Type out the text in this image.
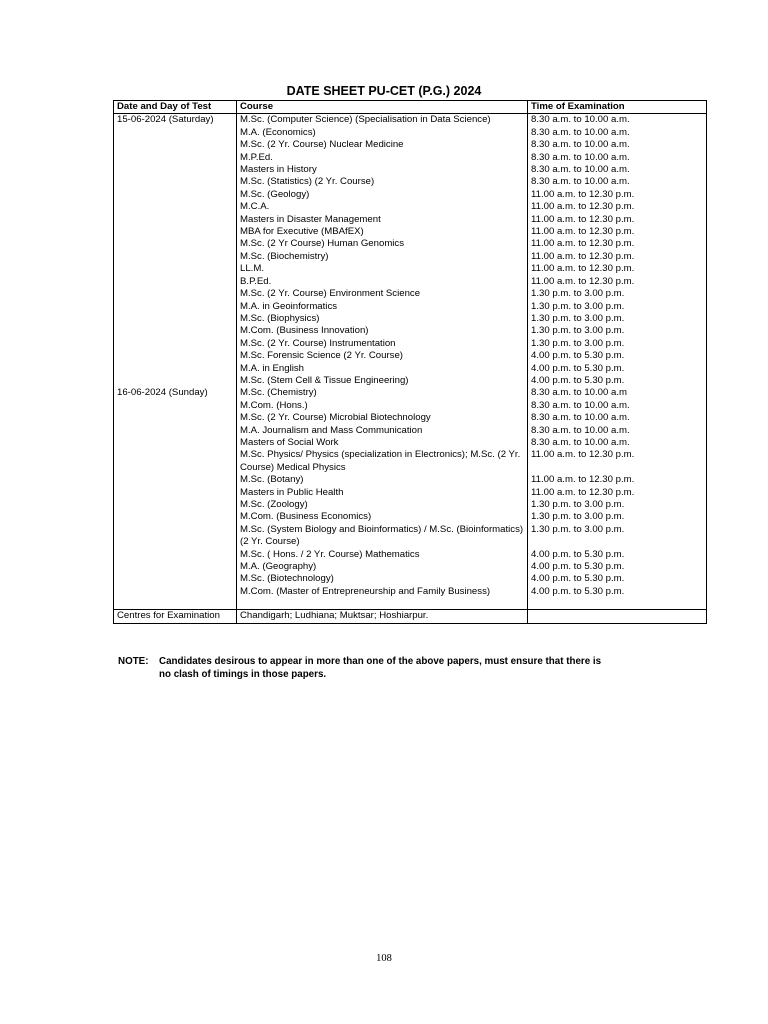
DATE SHEET PU-CET (P.G.) 2024
Date and Day of Test	Course	Time of Examination
15-06-2024 (Saturday)	M.Sc. (Computer Science) (Specialisation in Data Science)	8.30 a.m. to 10.00 a.m.
	M.A. (Economics)	8.30 a.m. to 10.00 a.m.
	M.Sc. (2 Yr. Course) Nuclear Medicine	8.30 a.m. to 10.00 a.m.
	M.P.Ed.	8.30 a.m. to 10.00 a.m.
	Masters in History	8.30 a.m. to 10.00 a.m.
	M.Sc. (Statistics) (2 Yr. Course)	8.30 a.m. to 10.00 a.m.
	M.Sc. (Geology)	11.00 a.m. to 12.30 p.m.
	M.C.A.	11.00 a.m. to 12.30 p.m.
	Masters in Disaster Management	11.00 a.m. to 12.30 p.m.
	MBA for Executive (MBAfEX)	11.00 a.m. to 12.30 p.m.
	M.Sc. (2 Yr Course) Human Genomics	11.00 a.m. to 12.30 p.m.
	M.Sc. (Biochemistry)	11.00 a.m. to 12.30 p.m.
	LL.M.	11.00 a.m. to 12.30 p.m.
	B.P.Ed.	11.00 a.m. to 12.30 p.m.
	M.Sc. (2 Yr. Course) Environment Science	1.30 p.m. to 3.00 p.m.
	M.A. in Geoinformatics	1.30 p.m. to 3.00 p.m.
	M.Sc. (Biophysics)	1.30 p.m. to 3.00 p.m.
	M.Com. (Business Innovation)	1.30 p.m. to 3.00 p.m.
	M.Sc. (2 Yr. Course) Instrumentation	1.30 p.m. to 3.00 p.m.
	M.Sc. Forensic Science (2 Yr. Course)	4.00 p.m. to 5.30 p.m.
	M.A. in English	4.00 p.m. to 5.30 p.m.
	M.Sc. (Stem Cell & Tissue Engineering)	4.00 p.m. to 5.30 p.m.
16-06-2024 (Sunday)	M.Sc. (Chemistry)	8.30 a.m. to 10.00 a.m
	M.Com. (Hons.)	8.30 a.m. to 10.00 a.m.
	M.Sc. (2 Yr. Course) Microbial Biotechnology	8.30 a.m. to 10.00 a.m.
	M.A. Journalism and Mass Communication	8.30 a.m. to 10.00 a.m.
	Masters of Social Work	8.30 a.m. to 10.00 a.m.
	M.Sc. Physics/ Physics (specialization in Electronics); M.Sc. (2 Yr. Course) Medical Physics	11.00 a.m. to 12.30 p.m.
	M.Sc. (Botany)	11.00 a.m. to 12.30 p.m.
	Masters in Public Health	11.00 a.m. to 12.30 p.m.
	M.Sc. (Zoology)	1.30 p.m. to 3.00 p.m.
	M.Com. (Business Economics)	1.30 p.m. to 3.00 p.m.
	M.Sc. (System Biology and Bioinformatics) / M.Sc. (Bioinformatics) (2 Yr. Course)	1.30 p.m. to 3.00 p.m.
	M.Sc. ( Hons. / 2 Yr. Course) Mathematics	4.00 p.m. to 5.30 p.m.
	M.A. (Geography)	4.00 p.m. to 5.30 p.m.
	M.Sc. (Biotechnology)	4.00 p.m. to 5.30 p.m.
	M.Com. (Master of Entrepreneurship and Family Business)	4.00 p.m. to 5.30 p.m.

Centres for Examination	Chandigarh; Ludhiana; Muktsar; Hoshiarpur.	
NOTE: Candidates desirous to appear in more than one of the above papers, must ensure that there is
no clash of timings in those papers.
108
